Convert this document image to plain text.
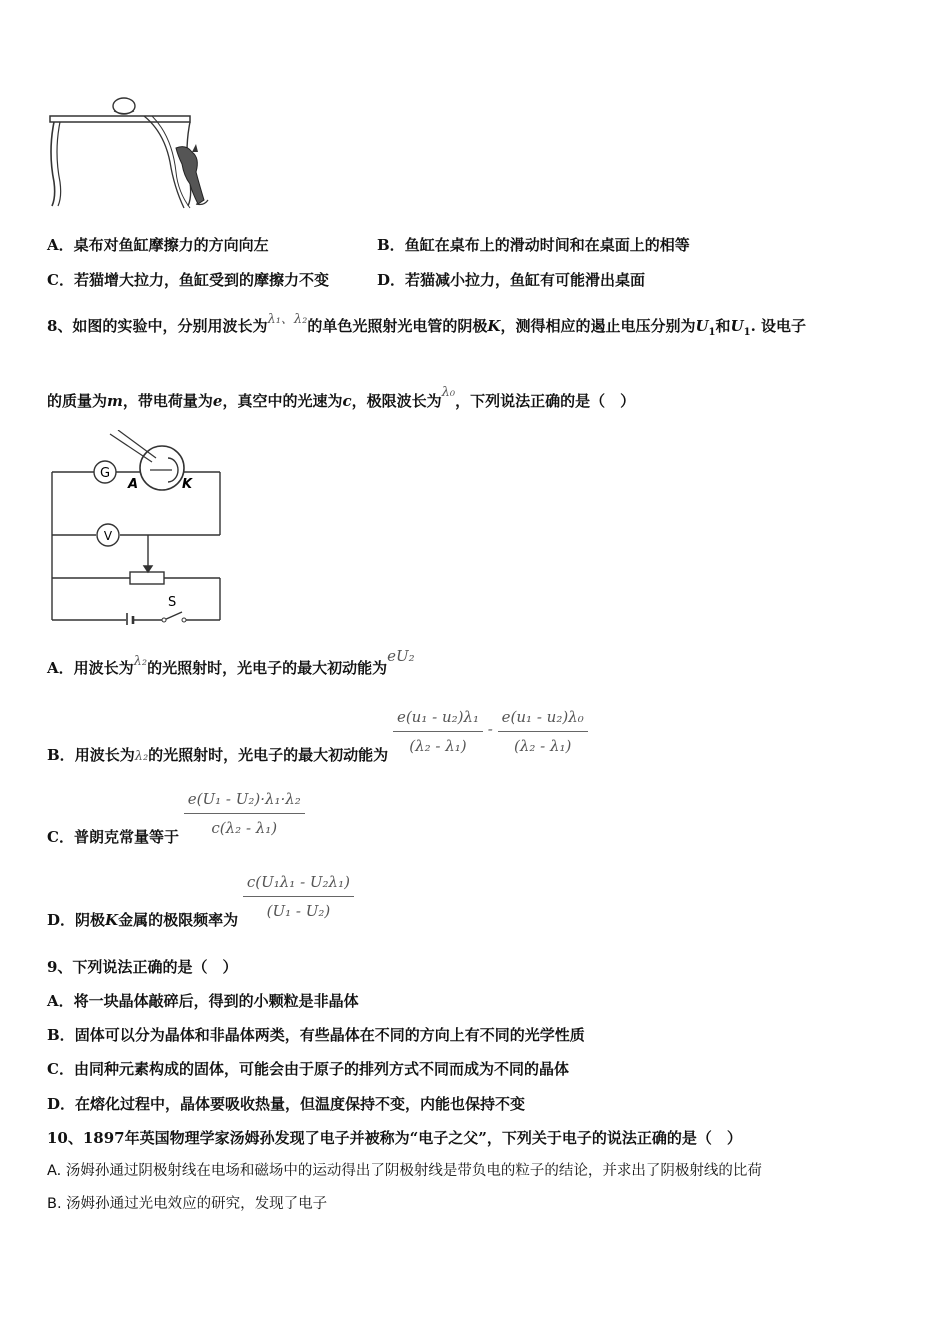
A．桌布对鱼缸摩擦力的方向向左	B．鱼缸在桌布上的滑动时间和在桌面上的相等
C．若猫增大拉力，鱼缸受到的摩擦力不变	D．若猫减小拉力，鱼缸有可能滑出桌面
8、如图的实验中，分别用波长为λ₁、λ₂的单色光照射光电管的阴极K，测得相应的遏止电压分别为$U_1$和$U_1$. 设电子
的质量为m，带电荷量为e，真空中的光速为c，极限波长为λ₀，下列说法正确的是（　）
G
A	K
V
S
A．用波长为λ₂的光照射时，光电子的最大初动能为eU₂
B．用波长为λ₂的光照射时，光电子的最大初动能为 $\frac{\text{e(u₁ - u₂)λ₁}}{\text{(λ₂ - λ₁)}} - \frac{\text{e(u₁ - u₂)λ₀}}{\text{(λ₂ - λ₁)}}$
C．普朗克常量等于 $\frac{\text{e(U₁ - U₂)·λ₁·λ₂}}{\text{c(λ₂ - λ₁)}}$
D．阴极K金属的极限频率为 $\frac{\text{c(U₁λ₁ - U₂λ₁)}}{\text{(U₁ - U₂)}}$
9、下列说法正确的是（　）
A．将一块晶体敲碎后，得到的小颗粒是非晶体
B．固体可以分为晶体和非晶体两类，有些晶体在不同的方向上有不同的光学性质
C．由同种元素构成的固体，可能会由于原子的排列方式不同而成为不同的晶体
D．在熔化过程中，晶体要吸收热量，但温度保持不变，内能也保持不变
10、1897年英国物理学家汤姆孙发现了电子并被称为“电子之父”，下列关于电子的说法正确的是（　）
A. 汤姆孙通过阴极射线在电场和磁场中的运动得出了阴极射线是带负电的粒子的结论，并求出了阴极射线的比荷
B. 汤姆孙通过光电效应的研究，发现了电子
